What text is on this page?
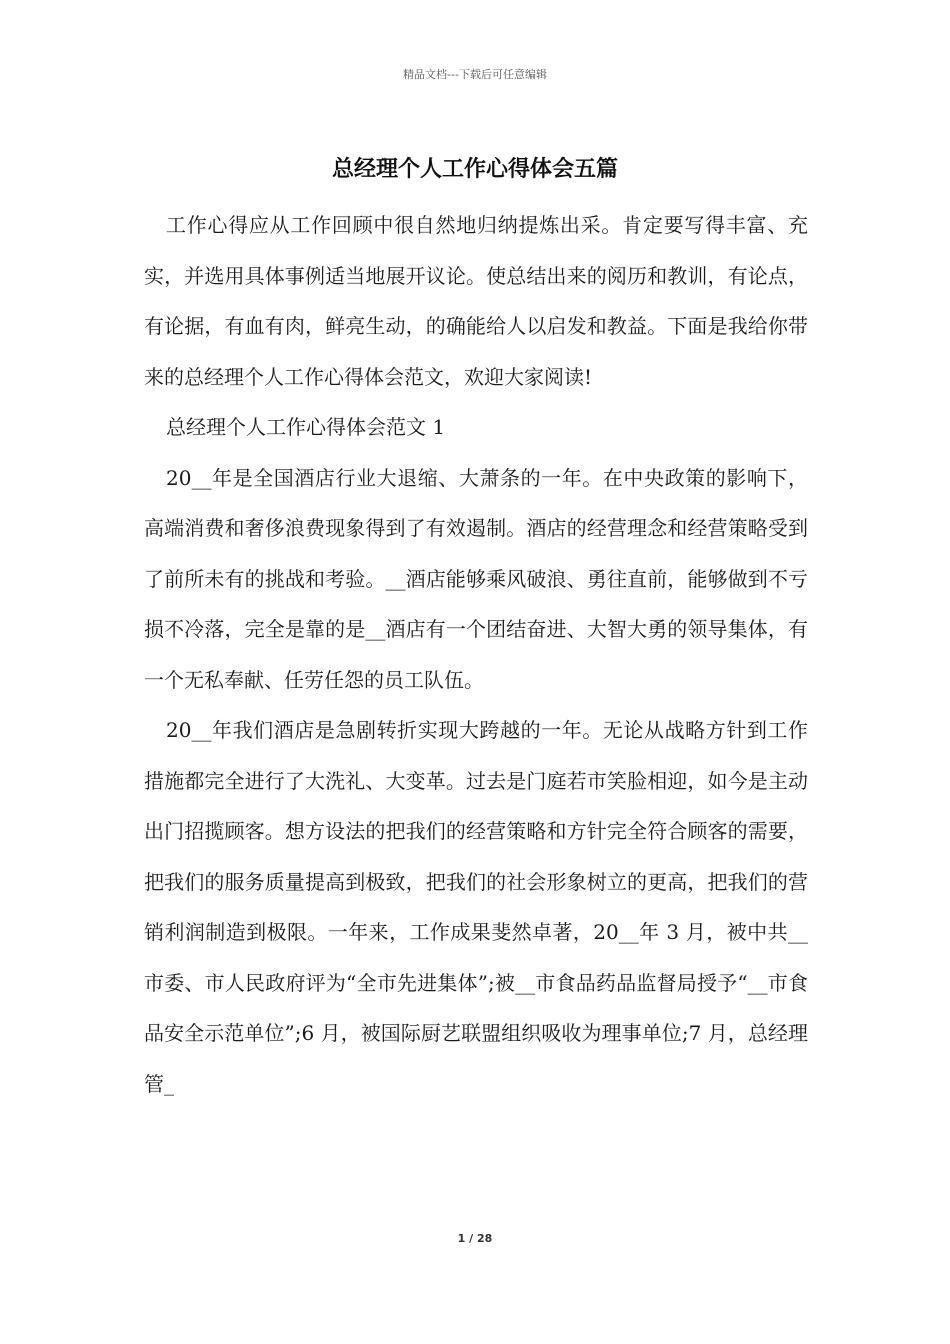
精品文档---下载后可任意编辑
总经理个人工作心得体会五篇

工作心得应从工作回顾中很自然地归纳提炼出采。肯定要写得丰富、充实，并选用具体事例适当地展开议论。使总结出来的阅历和教训，有论点，有论据，有血有肉，鲜亮生动，的确能给人以启发和教益。下面是我给你带来的总经理个人工作心得体会范文，欢迎大家阅读!

总经理个人工作心得体会范文 1

20__年是全国酒店行业大退缩、大萧条的一年。在中央政策的影响下，高端消费和奢侈浪费现象得到了有效遏制。酒店的经营理念和经营策略受到了前所未有的挑战和考验。__酒店能够乘风破浪、勇往直前，能够做到不亏损不冷落，完全是靠的是__酒店有一个团结奋进、大智大勇的领导集体，有一个无私奉献、任劳任怨的员工队伍。

20__年我们酒店是急剧转折实现大跨越的一年。无论从战略方针到工作措施都完全进行了大洗礼、大变革。过去是门庭若市笑脸相迎，如今是主动出门招揽顾客。想方设法的把我们的经营策略和方针完全符合顾客的需要，把我们的服务质量提高到极致，把我们的社会形象树立的更高，把我们的营销利润制造到极限。一年来，工作成果斐然卓著，20__年 3 月，被中共__市委、市人民政府评为“全市先进集体”;被__市食品药品监督局授予“__市食品安全示范单位”;6 月，被国际厨艺联盟组织吸收为理事单位;7 月，总经理管_

1 / 28
